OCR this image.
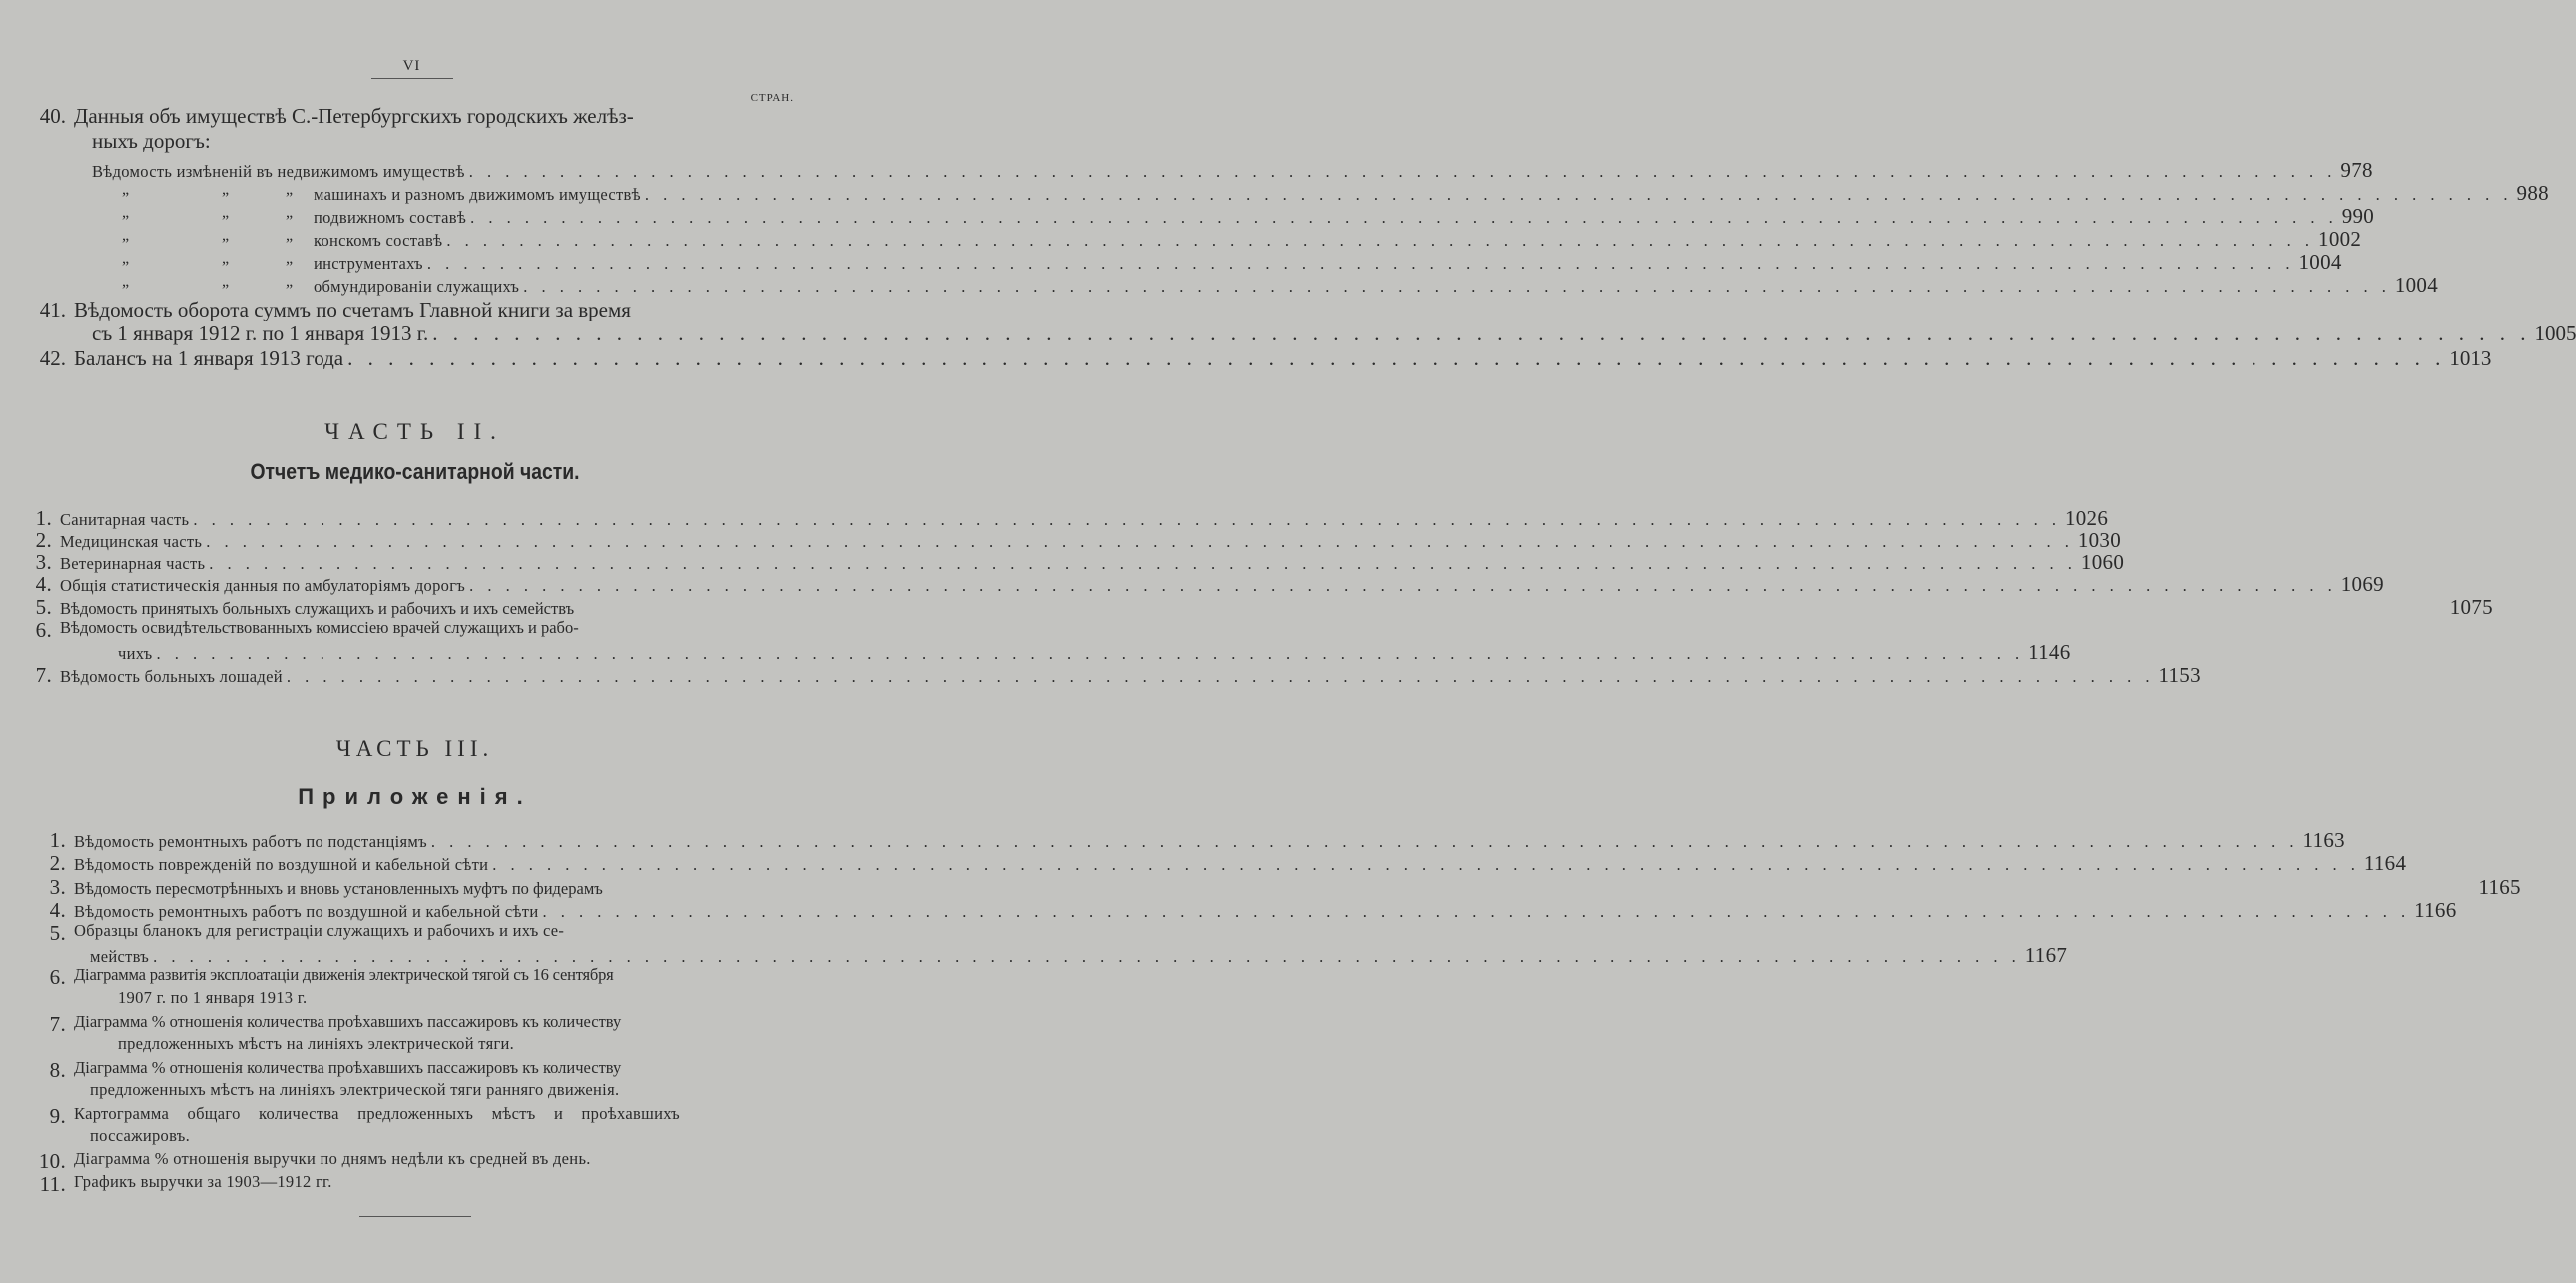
VI
СТРАН.
40. Данныя объ имуществѣ С.-Петербургскихъ городскихъ желѣз-
ныхъ дорогъ:
Вѣдомость измѣненій въ недвижимомъ имуществѣ . . .	978
„	„	„ машинахъ и разномъ движимомъ имуществѣ . . .	988
„	„	„ подвижномъ составѣ . . .	990
„	„	„ конскомъ составѣ . . .	1002
„	„	„ инструментахъ . . .	1004
„	„	„ обмундированіи служащихъ . . .	1004
41. Вѣдомость оборота суммъ по счетамъ Главной книги за время
съ 1 января 1912 г. по 1 января 1913 г. . . .	1005
42. Балансъ на 1 января 1913 года . . .	1013
ЧАСТЬ II.
Отчетъ медико-санитарной части.
1. Санитарная часть . . .	1026
2. Медицинская часть . . .	1030
3. Ветеринарная часть . . .	1060
4. Общія статистическія данныя по амбулаторіямъ дорогъ . . .	1069
5. Вѣдомость принятыхъ больныхъ служащихъ и рабочихъ и ихъ семействъ	1075
6. Вѣдомость освидѣтельствованныхъ комиссіею врачей служащихъ и рабо-
чихъ . . .	1146
7. Вѣдомость больныхъ лошадей . . .	1153
ЧАСТЬ III.
Приложенія.
1. Вѣдомость ремонтныхъ работъ по подстанціямъ . . .	1163
2. Вѣдомость поврежденій по воздушной и кабельной сѣти . . .	1164
3. Вѣдомость пересмотрѣнныхъ и вновь установленныхъ муфтъ по фидерамъ	1165
4. Вѣдомость ремонтныхъ работъ по воздушной и кабельной сѣти . . .	1166
5. Образцы бланокъ для регистраціи служащихъ и рабочихъ и ихъ се-
мействъ . . .	1167
6. Діаграмма развитія эксплоатаціи движенія электрической тягой съ 16 сентября
1907 г. по 1 января 1913 г.
7. Діаграмма % отношенія количества проѣхавшихъ пассажировъ къ количеству
предложенныхъ мѣстъ на линіяхъ электрической тяги.
8. Діаграмма % отношенія количества проѣхавшихъ пассажировъ къ количеству
предложенныхъ мѣстъ на линіяхъ электрической тяги ранняго движенія.
9. Картограмма общаго количества предложенныхъ мѣстъ и проѣхавшихъ
поссажировъ.
10. Діаграмма % отношенія выручки по днямъ недѣли къ средней въ день.
11. Графикъ выручки за 1903—1912 гг.
